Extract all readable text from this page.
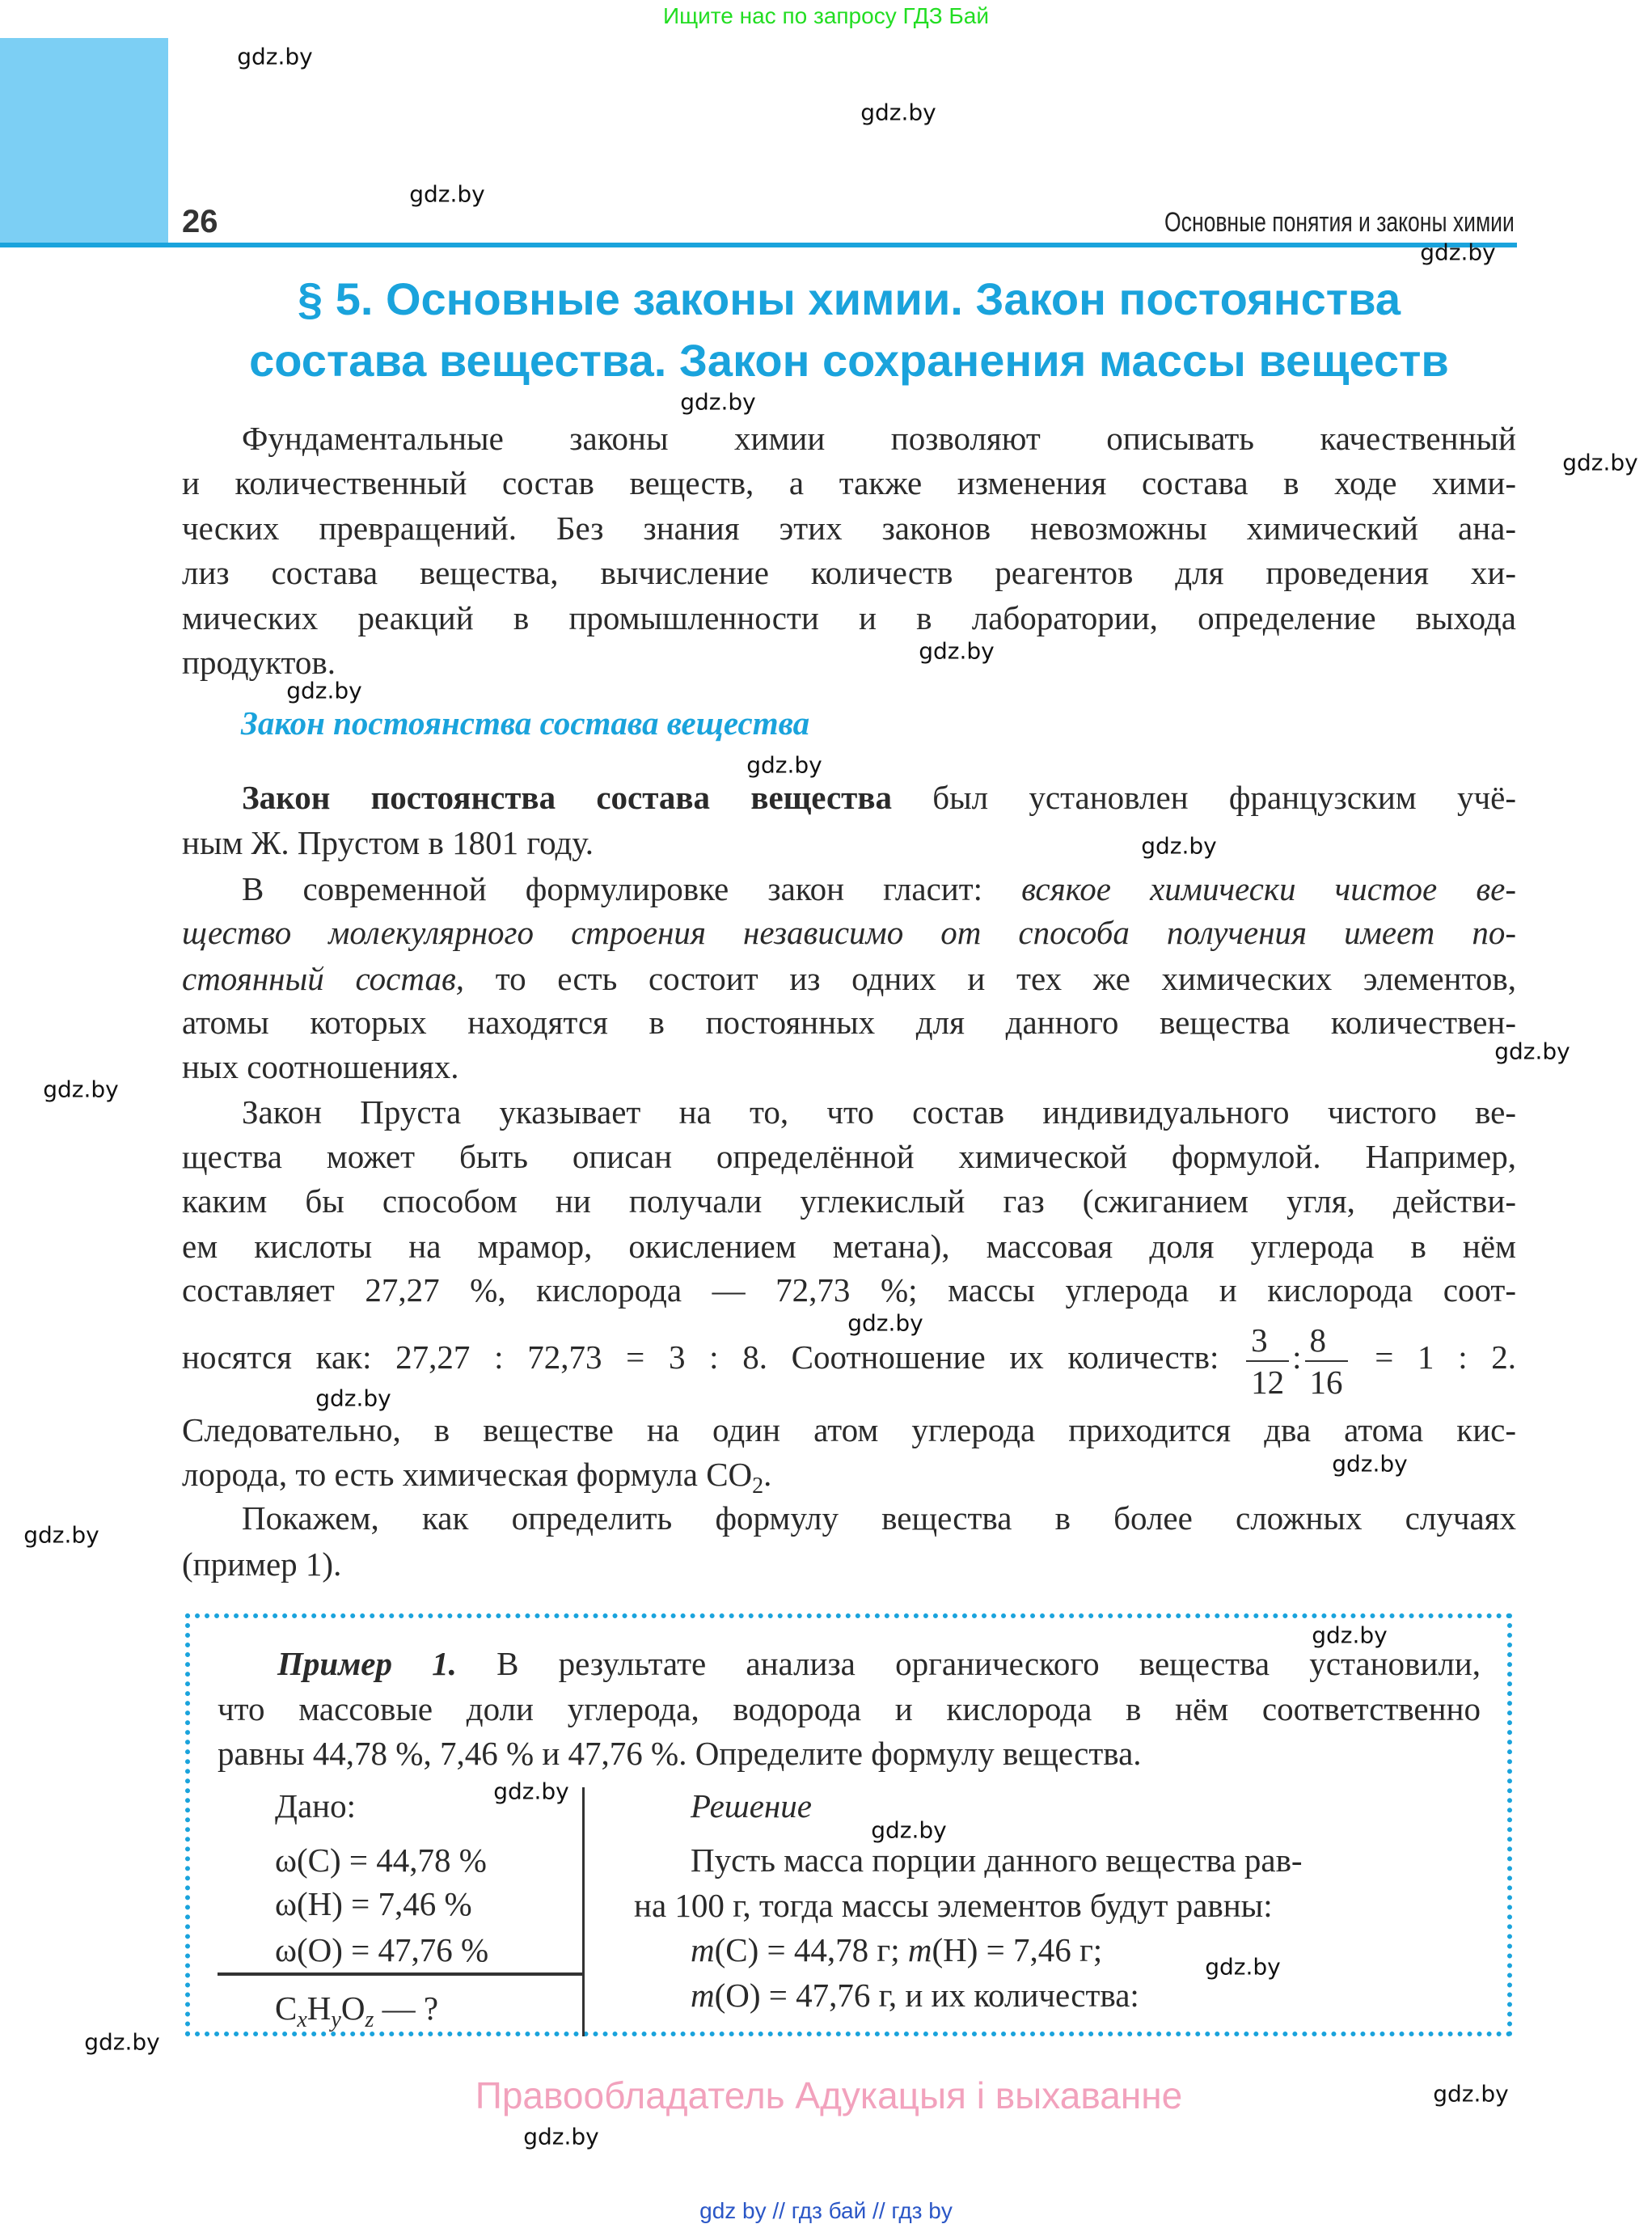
Ищите нас по запросу ГДЗ Бай
26	Основные понятия и законы химии
§ 5. Основные законы химии. Закон постоянства
состава вещества. Закон сохранения массы веществ
Фундаментальные законы химии позволяют описывать качественный
и количественный состав веществ, а также изменения состава в ходе хими-
ческих превращений. Без знания этих законов невозможны химический ана-
лиз состава вещества, вычисление количеств реагентов для проведения хи-
мических реакций в промышленности и в лаборатории, определение выхода
продуктов.
Закон постоянства состава вещества
Закон постоянства состава вещества был установлен французским учё-
ным Ж. Прустом в 1801 году.
В современной формулировке закон гласит: всякое химически чистое ве-
щество молекулярного строения независимо от способа получения имеет по-
стоянный состав, то есть состоит из одних и тех же химических элементов,
атомы которых находятся в постоянных для данного вещества количествен-
ных соотношениях.
Закон Пруста указывает на то, что состав индивидуального чистого ве-
щества может быть описан определённой химической формулой. Например,
каким бы способом ни получали углекислый газ (сжиганием угля, действи-
ем кислоты на мрамор, окислением метана), массовая доля углерода в нём
составляет 27,27 %, кислорода — 72,73 %; массы углерода и кислорода соот-
носятся как: 27,27 : 72,73 = 3 : 8. Соотношение их количеств: $\frac{3}{12}$ : $\frac{8}{16} = 1$ : 2.
Следовательно, в веществе на один атом углерода приходится два атома кис-
лорода, то есть химическая формула $CO_2$.
Покажем, как определить формулу вещества в более сложных случаях
(пример 1).
Пример 1. В результате анализа органического вещества установили,
что массовые доли углерода, водорода и кислорода в нём соответственно
равны 44,78 %, 7,46 % и 47,76 %. Определите формулу вещества.
Дано:
ω(C) = 44,78 %
ω(H) = 7,46 %
ω(O) = 47,76 %
$C_xH_yO_z$ — ?
Решение
Пусть масса порции данного вещества рав-
на 100 г, тогда массы элементов будут равны:
m(C) = 44,78 г; m(H) = 7,46 г;
m(O) = 47,76 г, и их количества:
Правообладатель Адукацыя і выхаванне
gdz by // гдз бай // гдз by
gdz.by
gdz.by
gdz.by
gdz.by
gdz.by
gdz.by
gdz.by
gdz.by
gdz.by
gdz.by
gdz.by
gdz.by
gdz.by
gdz.by
gdz.by
gdz.by
gdz.by
gdz.by
gdz.by
gdz.by
gdz.by
gdz.by
gdz.by
